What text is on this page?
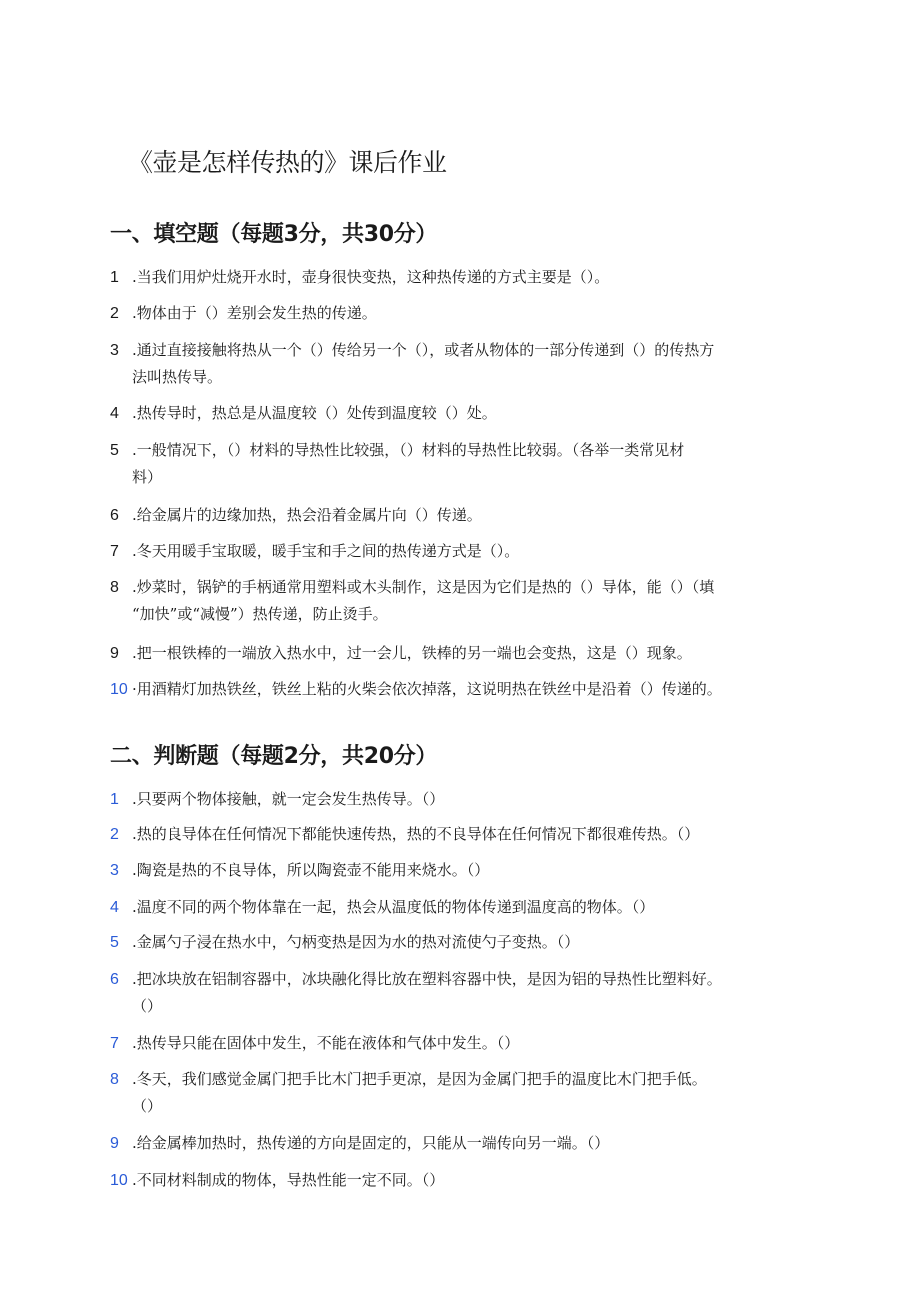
《壶是怎样传热的》课后作业
一、填空题（每题3分，共30分）
1 .当我们用炉灶烧开水时，壶身很快变热，这种热传递的方式主要是（）。
2 .物体由于（）差别会发生热的传递。
3 .通过直接接触将热从一个（）传给另一个（），或者从物体的一部分传递到（）的传热方
法叫热传导。
4 .热传导时，热总是从温度较（）处传到温度较（）处。
5 .一般情况下，（）材料的导热性比较强，（）材料的导热性比较弱。（各举一类常见材
料）
6 .给金属片的边缘加热，热会沿着金属片向（）传递。
7 .冬天用暖手宝取暖，暖手宝和手之间的热传递方式是（）。
8 .炒菜时，锅铲的手柄通常用塑料或木头制作，这是因为它们是热的（）导体，能（）（填
“加快”或“减慢”）热传递，防止烫手。
9 .把一根铁棒的一端放入热水中，过一会儿，铁棒的另一端也会变热，这是（）现象。
10 ·用酒精灯加热铁丝，铁丝上粘的火柴会依次掉落，这说明热在铁丝中是沿着（）传递的。
二、判断题（每题2分，共20分）
1 .只要两个物体接触，就一定会发生热传导。（）
2 .热的良导体在任何情况下都能快速传热，热的不良导体在任何情况下都很难传热。（）
3 .陶瓷是热的不良导体，所以陶瓷壶不能用来烧水。（）
4 .温度不同的两个物体靠在一起，热会从温度低的物体传递到温度高的物体。（）
5 .金属勺子浸在热水中，勺柄变热是因为水的热对流使勺子变热。（）
6 .把冰块放在铝制容器中，冰块融化得比放在塑料容器中快，是因为铝的导热性比塑料好。
（）
7 .热传导只能在固体中发生，不能在液体和气体中发生。（）
8 .冬天，我们感觉金属门把手比木门把手更凉，是因为金属门把手的温度比木门把手低。
（）
9 .给金属棒加热时，热传递的方向是固定的，只能从一端传向另一端。（）
10 .不同材料制成的物体，导热性能一定不同。（）
